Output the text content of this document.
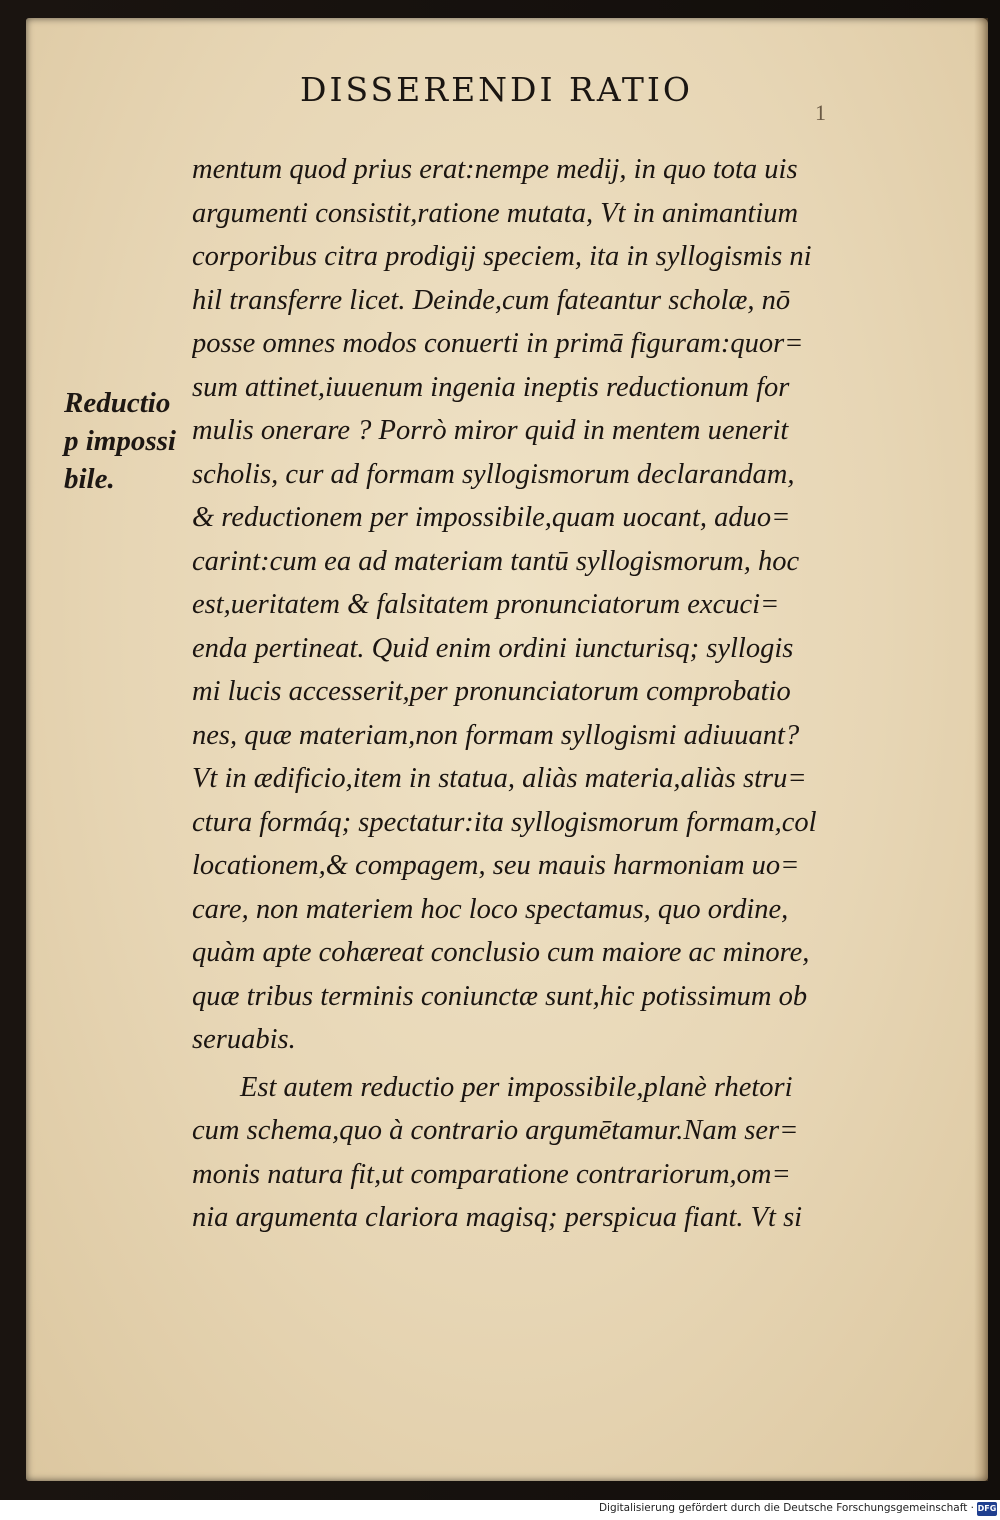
DISSERENDI RATIO
1
Reductio
p impossi
bile.
mentum quod prius erat:nempe medij, in quo tota uis
argumenti consistit,ratione mutata, Vt in animantium
corporibus citra prodigij speciem, ita in syllogismis ni
hil transferre licet. Deinde,cum fateantur scholæ, nō
posse omnes modos conuerti in primā figuram:quor=
sum attinet,iuuenum ingenia ineptis reductionum for
mulis onerare ? Porrò miror quid in mentem uenerit
scholis, cur ad formam syllogismorum declarandam,
& reductionem per impossibile,quam uocant, aduo=
carint:cum ea ad materiam tantū syllogismorum, hoc
est,ueritatem & falsitatem pronunciatorum excuci=
enda pertineat. Quid enim ordini iuncturisq; syllogis
mi lucis accesserit,per pronunciatorum comprobatio
nes, quæ materiam,non formam syllogismi adiuuant?
Vt in ædificio,item in statua, aliàs materia,aliàs stru=
ctura formáq; spectatur:ita syllogismorum formam,col
locationem,& compagem, seu mauis harmoniam uo=
care, non materiem hoc loco spectamus, quo ordine,
quàm apte cohæreat conclusio cum maiore ac minore,
quæ tribus terminis coniunctæ sunt,hic potissimum ob
seruabis.
Est autem reductio per impossibile,planè rhetori
cum schema,quo à contrario argumētamur.Nam ser=
monis natura fit,ut comparatione contrariorum,om=
nia argumenta clariora magisq; perspicua fiant. Vt si
Digitalisierung gefördert durch die Deutsche Forschungsgemeinschaft · DFG
